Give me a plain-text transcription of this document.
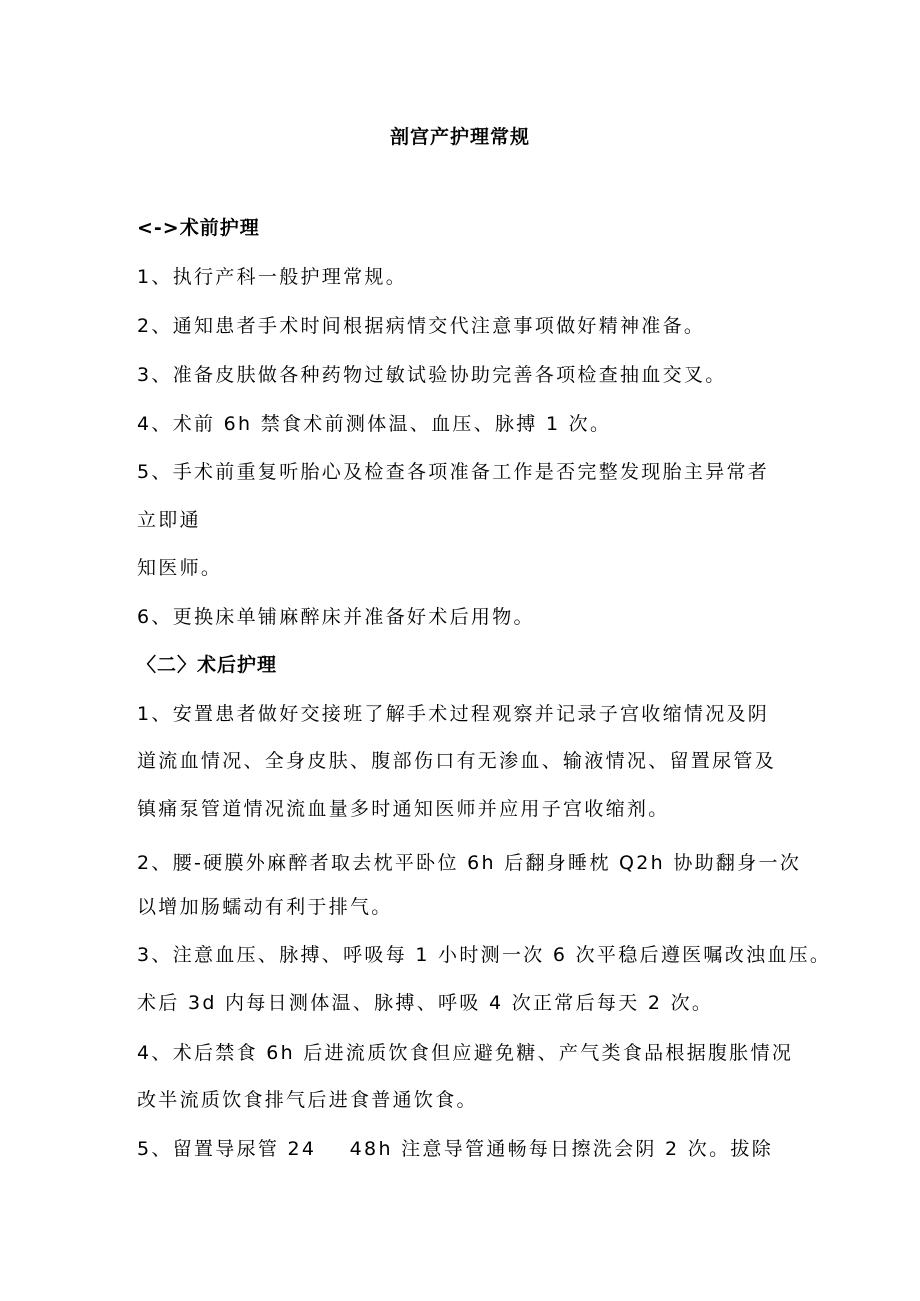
剖宫产护理常规
<->术前护理
1、执行产科一般护理常规。
2、通知患者手术时间根据病情交代注意事项做好精神准备。
3、准备皮肤做各种药物过敏试验协助完善各项检查抽血交叉。
4、术前 6h 禁食术前测体温、血压、脉搏 1 次。
5、手术前重复听胎心及检查各项准备工作是否完整发现胎主异常者
立即通
知医师。
6、更换床单铺麻醉床并准备好术后用物。
〈二〉术后护理
1、安置患者做好交接班了解手术过程观察并记录子宫收缩情况及阴
道流血情况、全身皮肤、腹部伤口有无渗血、输液情况、留置尿管及
镇痛泵管道情况流血量多时通知医师并应用子宫收缩剂。
2、腰-硬膜外麻醉者取去枕平卧位 6h 后翻身睡枕 Q2h 协助翻身一次
以增加肠蠕动有利于排气。
3、注意血压、脉搏、呼吸每 1 小时测一次 6 次平稳后遵医嘱改浊血压。
术后 3d 内每日测体温、脉搏、呼吸 4 次正常后每天 2 次。
4、术后禁食 6h 后进流质饮食但应避免糖、产气类食品根据腹胀情况
改半流质饮食排气后进食普通饮食。
5、留置导尿管 24    48h 注意导管通畅每日擦洗会阴 2 次。拔除
